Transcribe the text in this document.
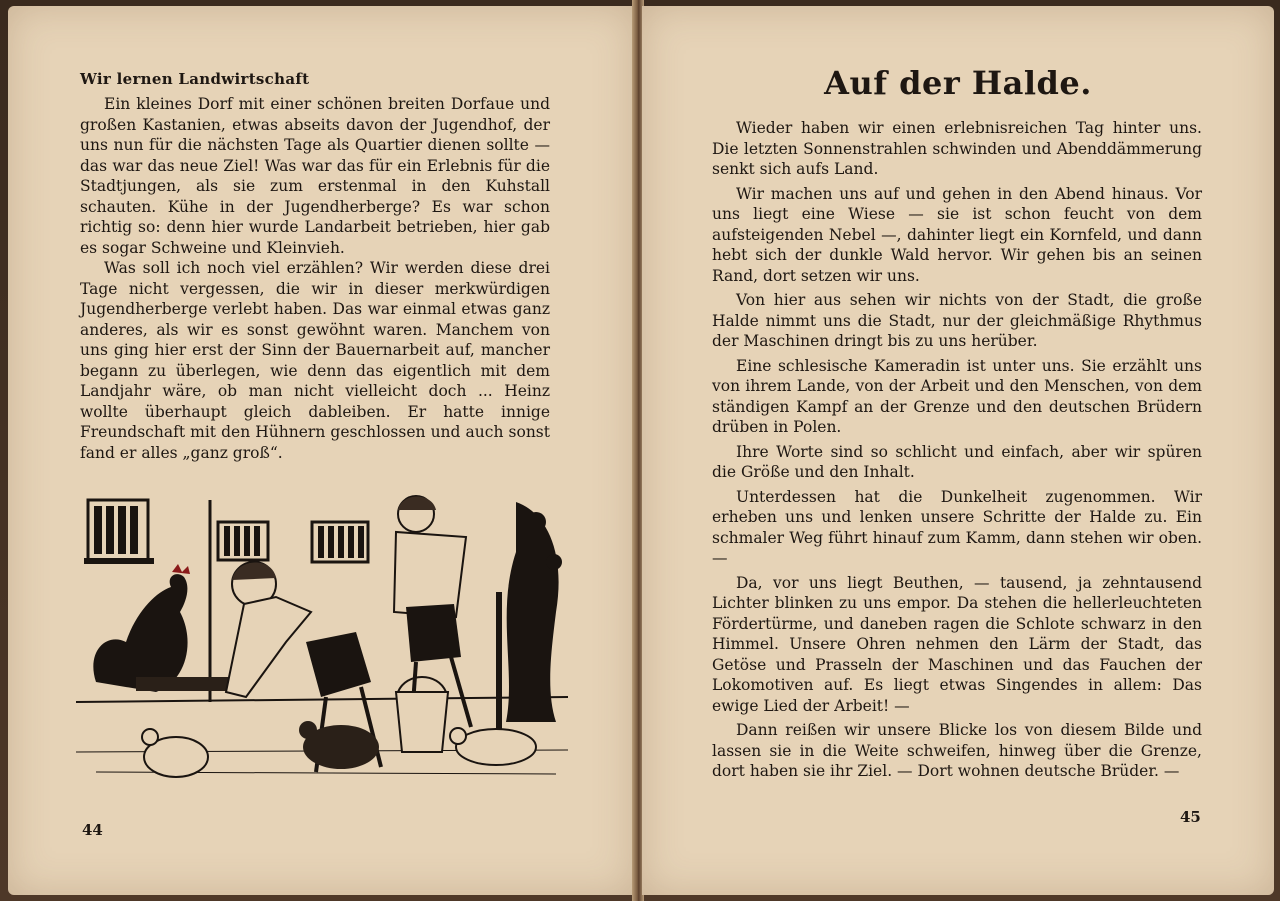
Wir lernen Landwirtschaft

Ein kleines Dorf mit einer schönen breiten Dorfaue und großen Kastanien, etwas abseits davon der Jugendhof, der uns nun für die nächsten Tage als Quartier dienen sollte — das war das neue Ziel! Was war das für ein Erlebnis für die Stadtjungen, als sie zum erstenmal in den Kuhstall schauten. Kühe in der Jugendherberge? Es war schon richtig so: denn hier wurde Landarbeit betrieben, hier gab es sogar Schweine und Kleinvieh.

Was soll ich noch viel erzählen? Wir werden diese drei Tage nicht vergessen, die wir in dieser merkwürdigen Jugendherberge verlebt haben. Das war einmal etwas ganz anderes, als wir es sonst gewöhnt waren. Manchem von uns ging hier erst der Sinn der Bauernarbeit auf, mancher begann zu überlegen, wie denn das eigentlich mit dem Landjahr wäre, ob man nicht vielleicht doch ... Heinz wollte überhaupt gleich dableiben. Er hatte innige Freundschaft mit den Hühnern geschlossen und auch sonst fand er alles „ganz groß“.

44
Auf der Halde.

Wieder haben wir einen erlebnisreichen Tag hinter uns. Die letzten Sonnenstrahlen schwinden und Abenddämmerung senkt sich aufs Land.

Wir machen uns auf und gehen in den Abend hinaus. Vor uns liegt eine Wiese — sie ist schon feucht von dem aufsteigenden Nebel —, dahinter liegt ein Kornfeld, und dann hebt sich der dunkle Wald hervor. Wir gehen bis an seinen Rand, dort setzen wir uns.

Von hier aus sehen wir nichts von der Stadt, die große Halde nimmt uns die Stadt, nur der gleichmäßige Rhythmus der Maschinen dringt bis zu uns herüber.

Eine schlesische Kameradin ist unter uns. Sie erzählt uns von ihrem Lande, von der Arbeit und den Menschen, von dem ständigen Kampf an der Grenze und den deutschen Brüdern drüben in Polen.

Ihre Worte sind so schlicht und einfach, aber wir spüren die Größe und den Inhalt.

Unterdessen hat die Dunkelheit zugenommen. Wir erheben uns und lenken unsere Schritte der Halde zu. Ein schmaler Weg führt hinauf zum Kamm, dann stehen wir oben. —

Da, vor uns liegt Beuthen, — tausend, ja zehntausend Lichter blinken zu uns empor. Da stehen die hellerleuchteten Fördertürme, und daneben ragen die Schlote schwarz in den Himmel. Unsere Ohren nehmen den Lärm der Stadt, das Getöse und Prasseln der Maschinen und das Fauchen der Lokomotiven auf. Es liegt etwas Singendes in allem: Das ewige Lied der Arbeit! —

Dann reißen wir unsere Blicke los von diesem Bilde und lassen sie in die Weite schweifen, hinweg über die Grenze, dort haben sie ihr Ziel. — Dort wohnen deutsche Brüder. —

45
